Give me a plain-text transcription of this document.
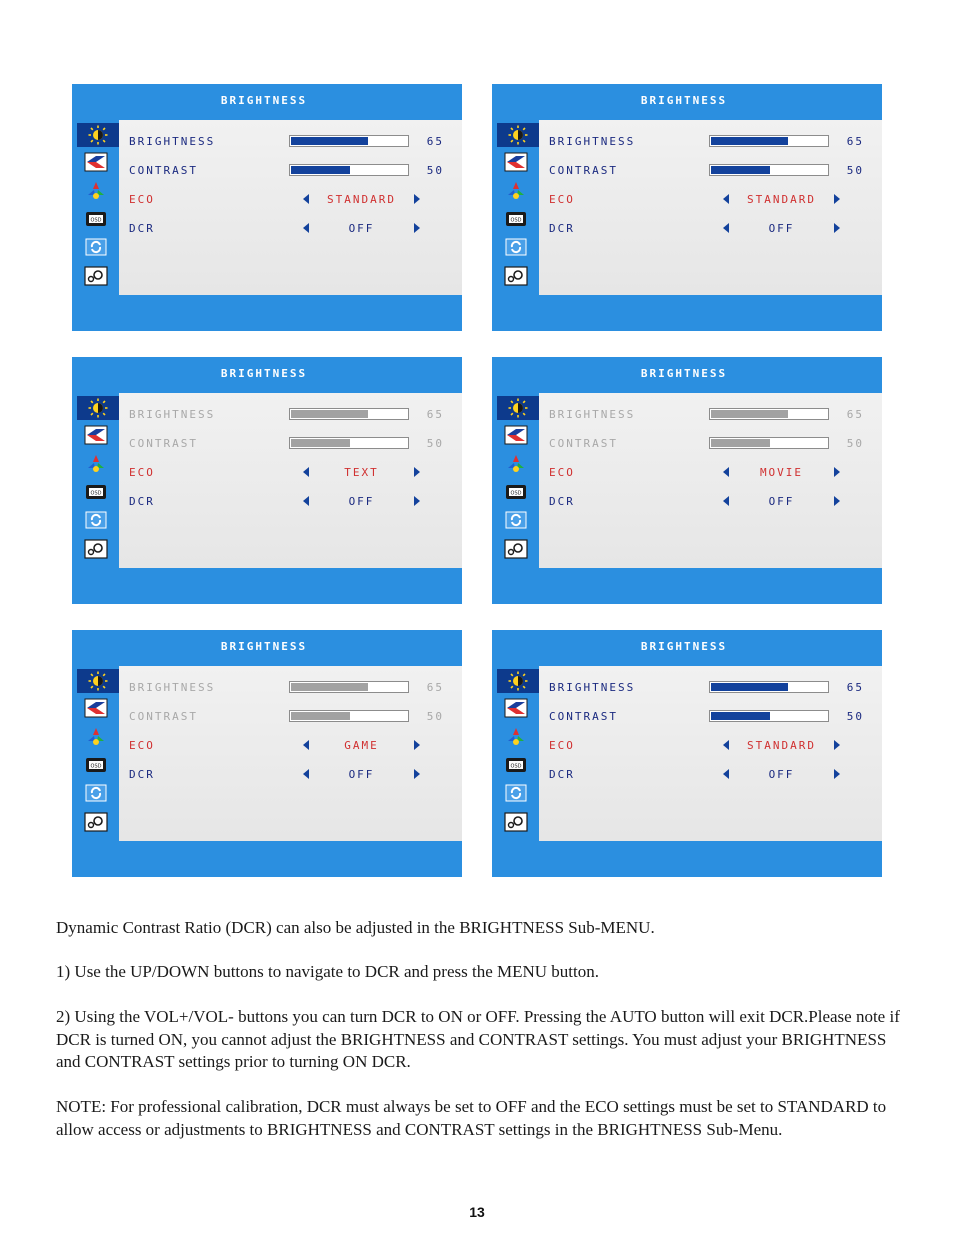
BRIGHTNESS
OSD
BRIGHTNESS	65
CONTRAST	50
ECO	STANDARD
DCR	OFF
BRIGHTNESS
OSD
BRIGHTNESS	65
CONTRAST	50
ECO	STANDARD
DCR	OFF
BRIGHTNESS
OSD
BRIGHTNESS	65
CONTRAST	50
ECO	TEXT
DCR	OFF
BRIGHTNESS
OSD
BRIGHTNESS	65
CONTRAST	50
ECO	MOVIE
DCR	OFF
BRIGHTNESS
OSD
BRIGHTNESS	65
CONTRAST	50
ECO	GAME
DCR	OFF
BRIGHTNESS
OSD
BRIGHTNESS	65
CONTRAST	50
ECO	STANDARD
DCR	OFF

Dynamic Contrast Ratio (DCR) can also be adjusted in the BRIGHTNESS Sub-MENU.

1) Use the UP/DOWN buttons to navigate to DCR and press the MENU button.

2) Using the VOL+/VOL- buttons you can turn DCR to ON or OFF. Pressing the AUTO button will exit DCR.Please note if DCR is turned ON, you cannot adjust the BRIGHTNESS and CONTRAST settings. You must adjust your BRIGHTNESS and CONTRAST settings prior to turning ON DCR.

NOTE: For professional calibration, DCR must always be set to OFF and the ECO settings must be set to STANDARD to allow access or adjustments to BRIGHTNESS and CONTRAST settings in the BRIGHTNESS Sub-Menu.

13
